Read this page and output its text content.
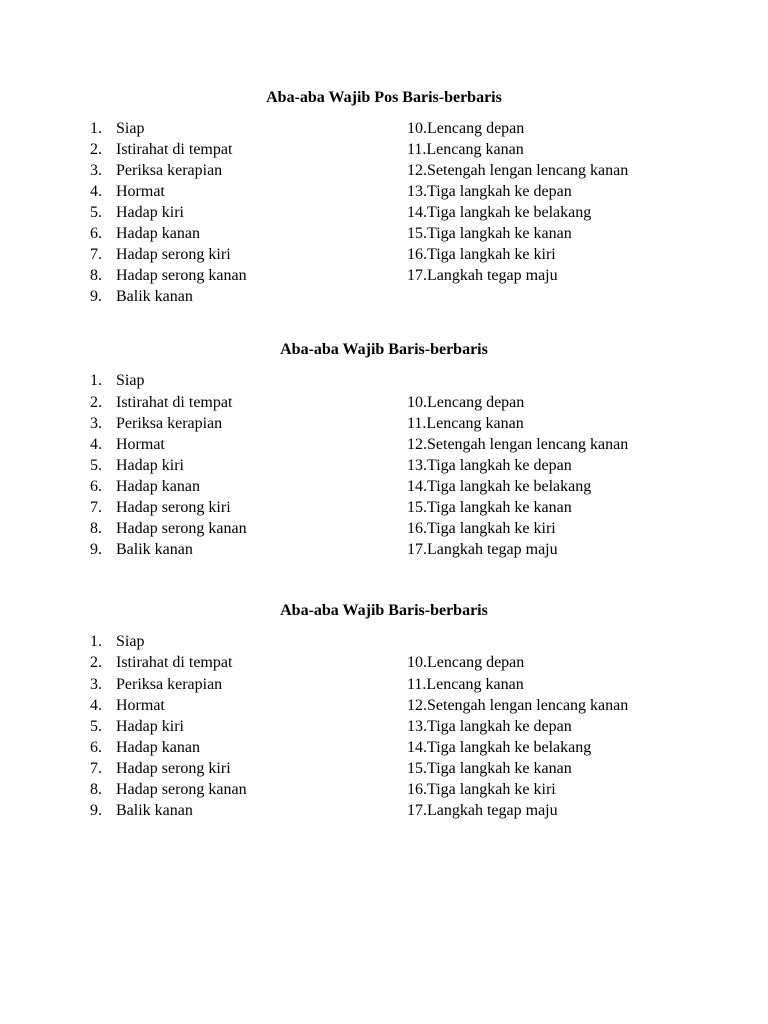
Aba-aba Wajib Pos Baris-berbaris
1. Siap
2. Istirahat di tempat
3. Periksa kerapian
4. Hormat
5. Hadap kiri
6. Hadap kanan
7. Hadap serong kiri
8. Hadap serong kanan
9. Balik kanan
10.Lencang depan
11.Lencang kanan
12.Setengah lengan lencang kanan
13.Tiga langkah ke depan
14.Tiga langkah ke belakang
15.Tiga langkah ke kanan
16.Tiga langkah ke kiri
17.Langkah tegap maju
Aba-aba Wajib Baris-berbaris
1. Siap
2. Istirahat di tempat
3. Periksa kerapian
4. Hormat
5. Hadap kiri
6. Hadap kanan
7. Hadap serong kiri
8. Hadap serong kanan
9. Balik kanan
10.Lencang depan
11.Lencang kanan
12.Setengah lengan lencang kanan
13.Tiga langkah ke depan
14.Tiga langkah ke belakang
15.Tiga langkah ke kanan
16.Tiga langkah ke kiri
17.Langkah tegap maju
Aba-aba Wajib Baris-berbaris
1. Siap
2. Istirahat di tempat
3. Periksa kerapian
4. Hormat
5. Hadap kiri
6. Hadap kanan
7. Hadap serong kiri
8. Hadap serong kanan
9. Balik kanan
10.Lencang depan
11.Lencang kanan
12.Setengah lengan lencang kanan
13.Tiga langkah ke depan
14.Tiga langkah ke belakang
15.Tiga langkah ke kanan
16.Tiga langkah ke kiri
17.Langkah tegap maju
